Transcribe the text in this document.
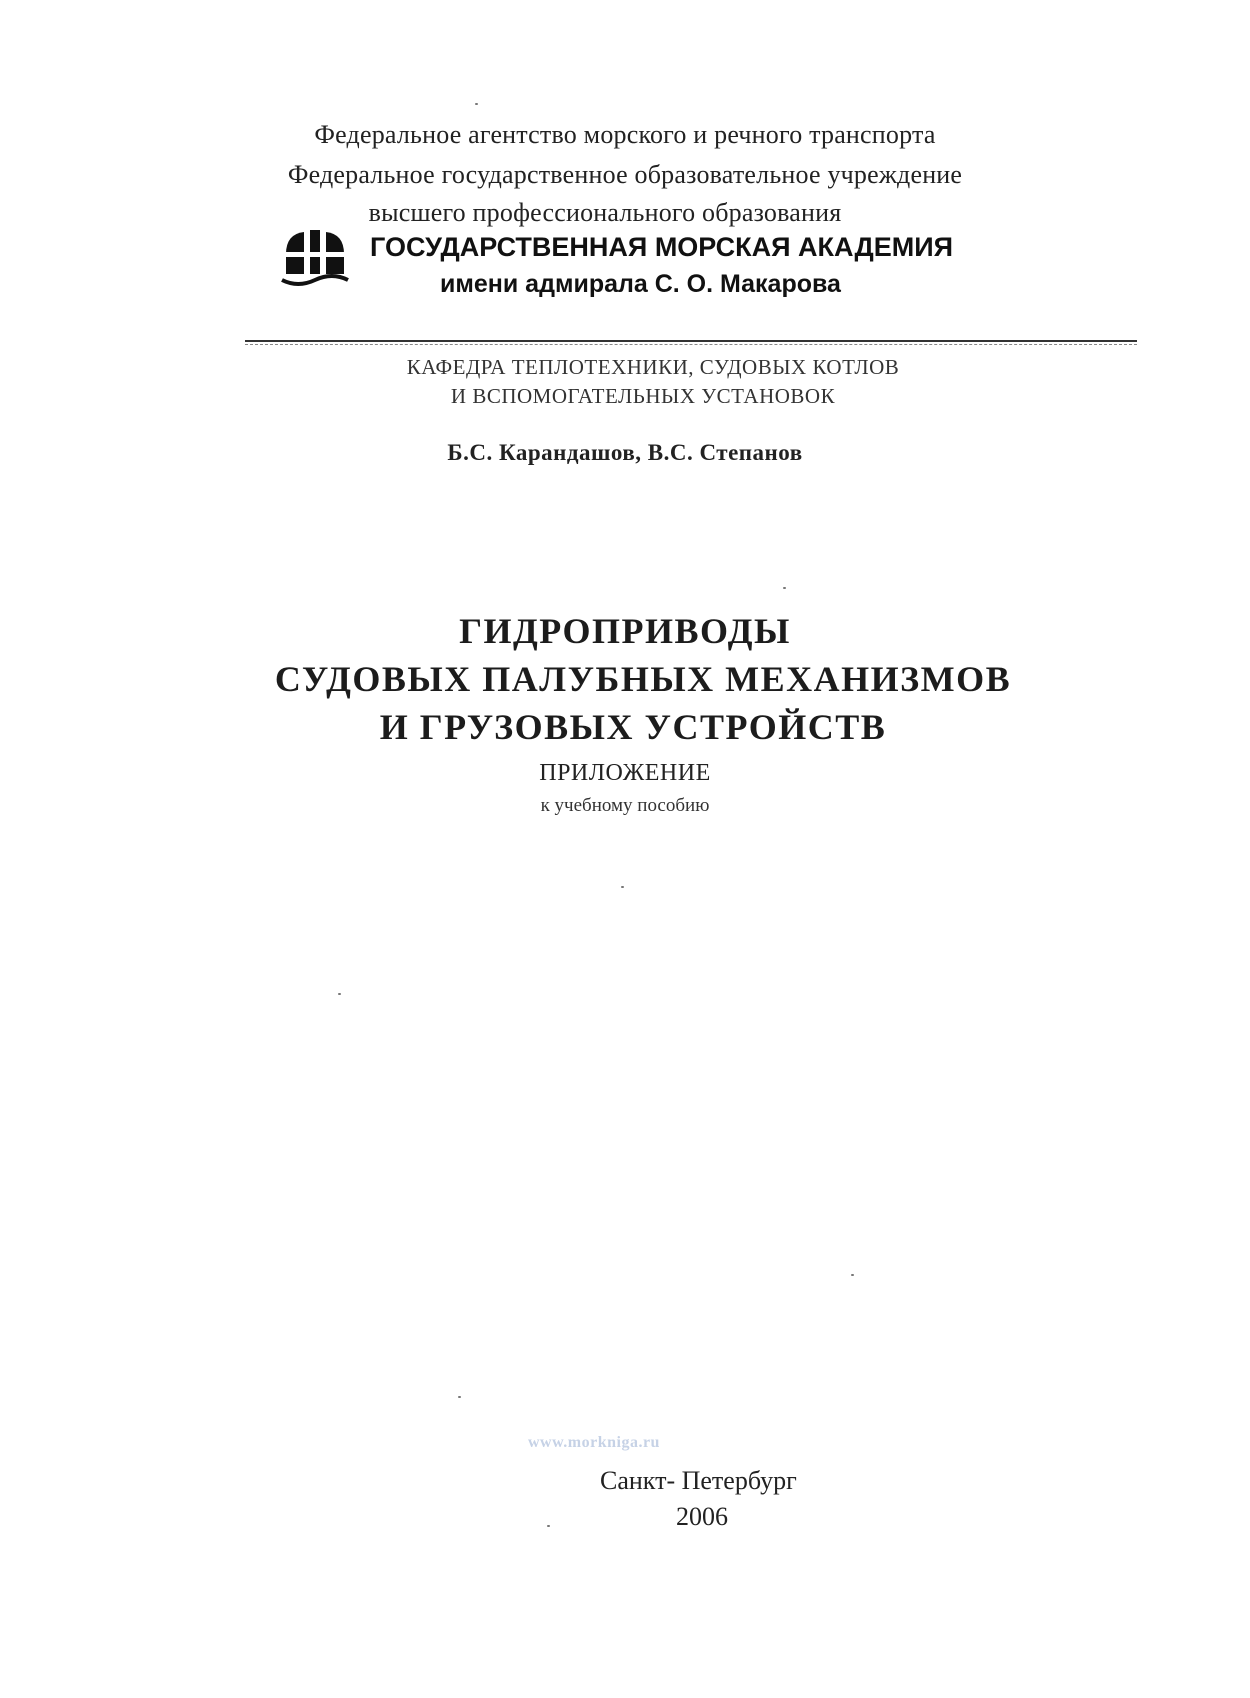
Федеральное агентство морского и речного транспорта
Федеральное государственное образовательное учреждение
высшего профессионального образования
ГОСУДАРСТВЕННАЯ МОРСКАЯ АКАДЕМИЯ
имени адмирала С. О. Макарова
КАФЕДРА ТЕПЛОТЕХНИКИ, СУДОВЫХ КОТЛОВ
И ВСПОМОГАТЕЛЬНЫХ УСТАНОВОК
Б.С. Карандашов, В.С. Степанов
ГИДРОПРИВОДЫ
СУДОВЫХ ПАЛУБНЫХ МЕХАНИЗМОВ
И ГРУЗОВЫХ УСТРОЙСТВ
ПРИЛОЖЕНИЕ
к учебному пособию
www.morkniga.ru
Санкт- Петербург
2006
